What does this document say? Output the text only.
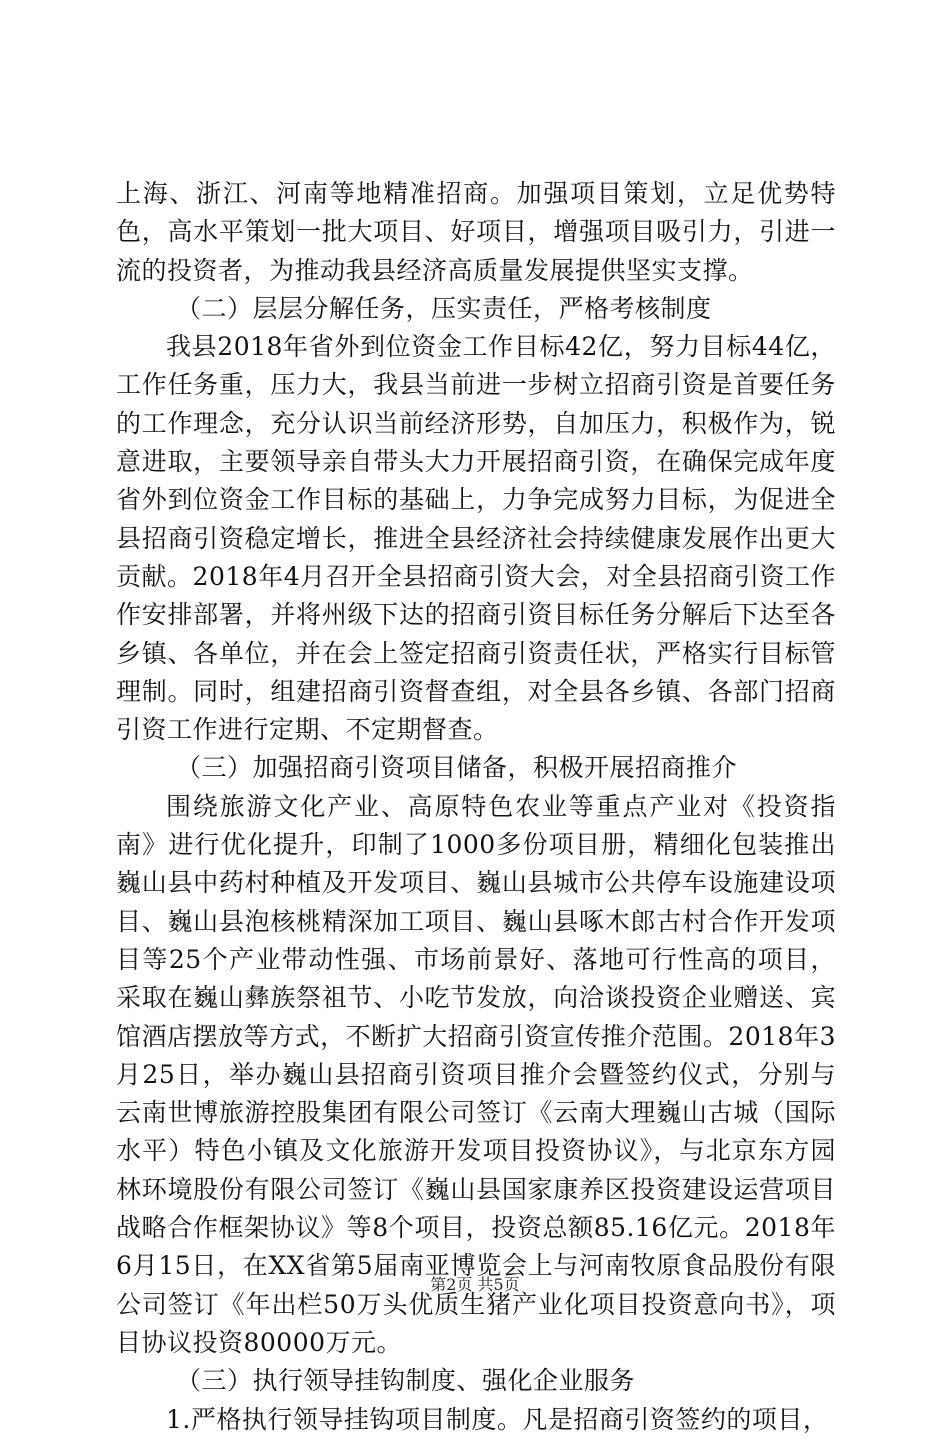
上海、浙江、河南等地精准招商。加强项目策划，立足优势特色，高水平策划一批大项目、好项目，增强项目吸引力，引进一流的投资者，为推动我县经济高质量发展提供坚实支撑。

（二）层层分解任务，压实责任，严格考核制度

我县2018年省外到位资金工作目标42亿，努力目标44亿，工作任务重，压力大，我县当前进一步树立招商引资是首要任务的工作理念，充分认识当前经济形势，自加压力，积极作为，锐意进取，主要领导亲自带头大力开展招商引资，在确保完成年度省外到位资金工作目标的基础上，力争完成努力目标，为促进全县招商引资稳定增长，推进全县经济社会持续健康发展作出更大贡献。2018年4月召开全县招商引资大会，对全县招商引资工作作安排部署，并将州级下达的招商引资目标任务分解后下达至各乡镇、各单位，并在会上签定招商引资责任状，严格实行目标管理制。同时，组建招商引资督查组，对全县各乡镇、各部门招商引资工作进行定期、不定期督查。

（三）加强招商引资项目储备，积极开展招商推介

围绕旅游文化产业、高原特色农业等重点产业对《投资指南》进行优化提升，印制了1000多份项目册，精细化包装推出巍山县中药村种植及开发项目、巍山县城市公共停车设施建设项目、巍山县泡核桃精深加工项目、巍山县啄木郎古村合作开发项目等25个产业带动性强、市场前景好、落地可行性高的项目，采取在巍山彝族祭祖节、小吃节发放，向洽谈投资企业赠送、宾馆酒店摆放等方式，不断扩大招商引资宣传推介范围。2018年3月25日，举办巍山县招商引资项目推介会暨签约仪式，分别与云南世博旅游控股集团有限公司签订《云南大理巍山古城（国际水平）特色小镇及文化旅游开发项目投资协议》，与北京东方园林环境股份有限公司签订《巍山县国家康养区投资建设运营项目战略合作框架协议》等8个项目，投资总额85.16亿元。2018年6月15日，在XX省第5届南亚博览会上与河南牧原食品股份有限公司签订《年出栏50万头优质生猪产业化项目投资意向书》，项目协议投资80000万元。

（三）执行领导挂钩制度、强化企业服务

1.严格执行领导挂钩项目制度。凡是招商引资签约的项目，

第2页 共5页
